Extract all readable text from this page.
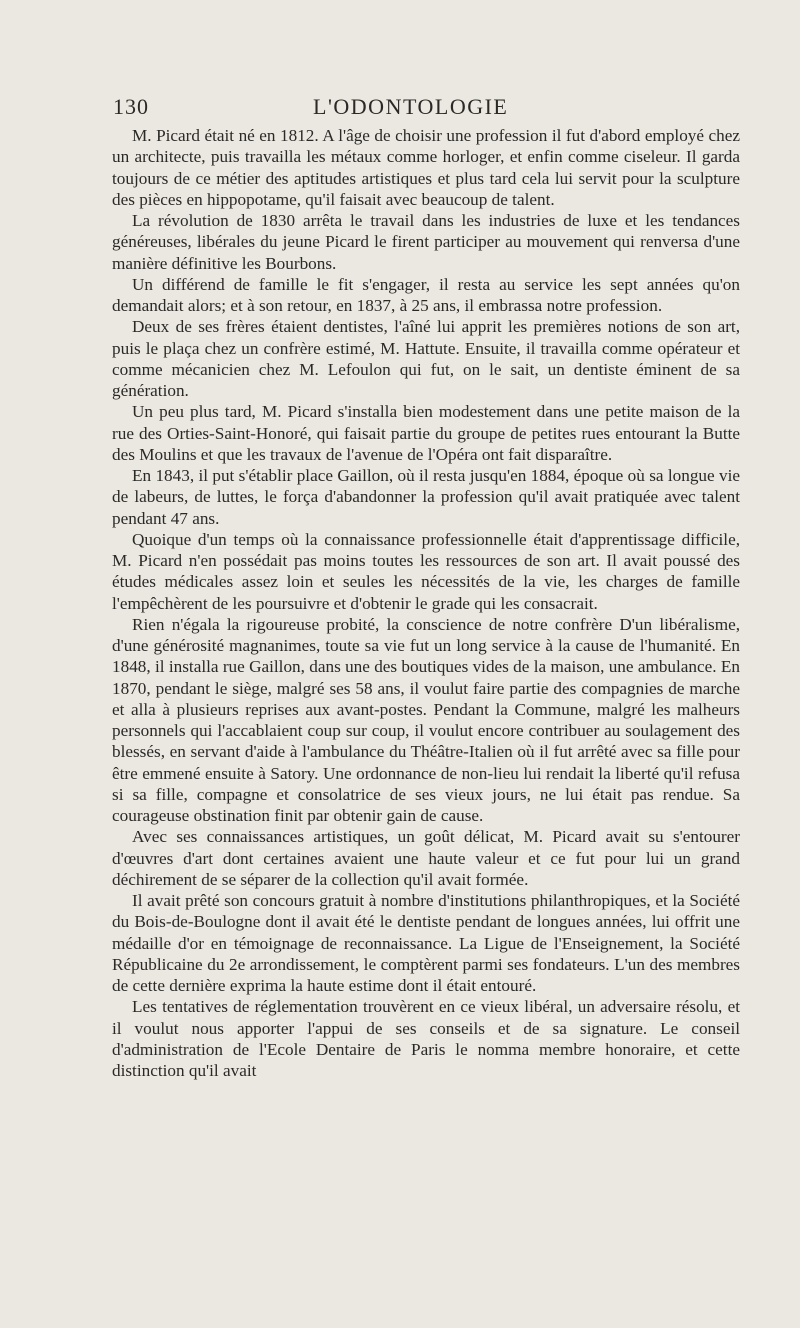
130	L'ODONTOLOGIE

M. Picard était né en 1812. A l'âge de choisir une profession il fut d'abord employé chez un architecte, puis travailla les métaux comme horloger, et enfin comme ciseleur. Il garda toujours de ce métier des aptitudes artistiques et plus tard cela lui servit pour la sculpture des pièces en hippopotame, qu'il faisait avec beaucoup de talent.

La révolution de 1830 arrêta le travail dans les industries de luxe et les tendances généreuses, libérales du jeune Picard le firent participer au mouvement qui renversa d'une manière définitive les Bourbons.

Un différend de famille le fit s'engager, il resta au service les sept années qu'on demandait alors; et à son retour, en 1837, à 25 ans, il embrassa notre profession.

Deux de ses frères étaient dentistes, l'aîné lui apprit les premières notions de son art, puis le plaça chez un confrère estimé, M. Hattute. Ensuite, il travailla comme opérateur et comme mécanicien chez M. Lefoulon qui fut, on le sait, un dentiste éminent de sa génération.

Un peu plus tard, M. Picard s'installa bien modestement dans une petite maison de la rue des Orties-Saint-Honoré, qui faisait partie du groupe de petites rues entourant la Butte des Moulins et que les travaux de l'avenue de l'Opéra ont fait disparaître.

En 1843, il put s'établir place Gaillon, où il resta jusqu'en 1884, époque où sa longue vie de labeurs, de luttes, le força d'abandonner la profession qu'il avait pratiquée avec talent pendant 47 ans.

Quoique d'un temps où la connaissance professionnelle était d'apprentissage difficile, M. Picard n'en possédait pas moins toutes les ressources de son art. Il avait poussé des études médicales assez loin et seules les nécessités de la vie, les charges de famille l'empêchèrent de les poursuivre et d'obtenir le grade qui les consacrait.

Rien n'égala la rigoureuse probité, la conscience de notre confrère D'un libéralisme, d'une générosité magnanimes, toute sa vie fut un long service à la cause de l'humanité. En 1848, il installa rue Gaillon, dans une des boutiques vides de la maison, une ambulance. En 1870, pendant le siège, malgré ses 58 ans, il voulut faire partie des compagnies de marche et alla à plusieurs reprises aux avant-postes. Pendant la Commune, malgré les malheurs personnels qui l'accablaient coup sur coup, il voulut encore contribuer au soulagement des blessés, en servant d'aide à l'ambulance du Théâtre-Italien où il fut arrêté avec sa fille pour être emmené ensuite à Satory. Une ordonnance de non-lieu lui rendait la liberté qu'il refusa si sa fille, compagne et consolatrice de ses vieux jours, ne lui était pas rendue. Sa courageuse obstination finit par obtenir gain de cause.

Avec ses connaissances artistiques, un goût délicat, M. Picard avait su s'entourer d'œuvres d'art dont certaines avaient une haute valeur et ce fut pour lui un grand déchirement de se séparer de la collection qu'il avait formée.

Il avait prêté son concours gratuit à nombre d'institutions philanthropiques, et la Société du Bois-de-Boulogne dont il avait été le dentiste pendant de longues années, lui offrit une médaille d'or en témoignage de reconnaissance. La Ligue de l'Enseignement, la Société Républicaine du 2e arrondissement, le comptèrent parmi ses fondateurs. L'un des membres de cette dernière exprima la haute estime dont il était entouré.

Les tentatives de réglementation trouvèrent en ce vieux libéral, un adversaire résolu, et il voulut nous apporter l'appui de ses conseils et de sa signature. Le conseil d'administration de l'Ecole Dentaire de Paris le nomma membre honoraire, et cette distinction qu'il avait
